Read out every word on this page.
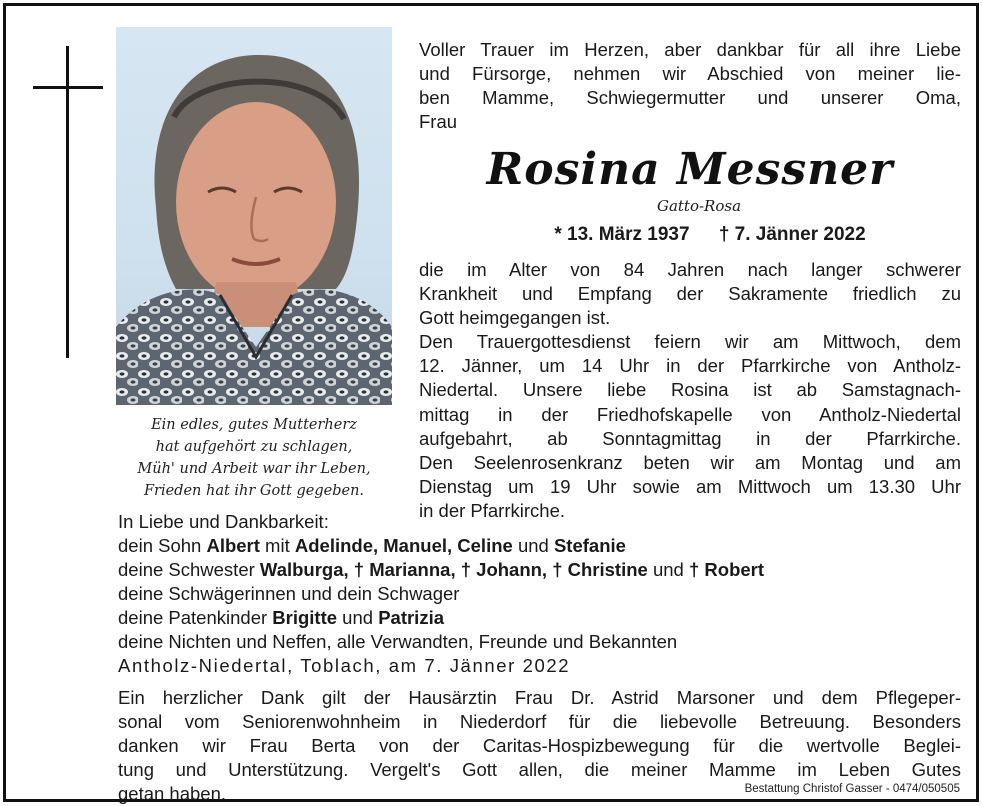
Ein edles, gutes Mutterherz
hat aufgehört zu schlagen,
Müh' und Arbeit war ihr Leben,
Frieden hat ihr Gott gegeben.
Voller Trauer im Herzen, aber dankbar für all ihre Liebe
und Fürsorge, nehmen wir Abschied von meiner lie-
ben Mamme, Schwiegermutter und unserer Oma,
Frau
Rosina Messner
Gatto-Rosa
* 13. März 1937 † 7. Jänner 2022
die im Alter von 84 Jahren nach langer schwerer
Krankheit und Empfang der Sakramente friedlich zu
Gott heimgegangen ist.
Den Trauergottesdienst feiern wir am Mittwoch, dem
12. Jänner, um 14 Uhr in der Pfarrkirche von Antholz-
Niedertal. Unsere liebe Rosina ist ab Samstagnach-
mittag in der Friedhofskapelle von Antholz-Niedertal
aufgebahrt, ab Sonntagmittag in der Pfarrkirche.
Den Seelenrosenkranz beten wir am Montag und am
Dienstag um 19 Uhr sowie am Mittwoch um 13.30 Uhr
in der Pfarrkirche.
In Liebe und Dankbarkeit:
dein Sohn Albert mit Adelinde, Manuel, Celine und Stefanie
deine Schwester Walburga, † Marianna, † Johann, † Christine und † Robert
deine Schwägerinnen und dein Schwager
deine Patenkinder Brigitte und Patrizia
deine Nichten und Neffen, alle Verwandten, Freunde und Bekannten
Antholz-Niedertal, Toblach, am 7. Jänner 2022
Ein herzlicher Dank gilt der Hausärztin Frau Dr. Astrid Marsoner und dem Pflegeper-
sonal vom Seniorenwohnheim in Niederdorf für die liebevolle Betreuung. Besonders
danken wir Frau Berta von der Caritas-Hospizbewegung für die wertvolle Beglei-
tung und Unterstützung. Vergelt's Gott allen, die meiner Mamme im Leben Gutes
getan haben.	Bestattung Christof Gasser - 0474/050505
